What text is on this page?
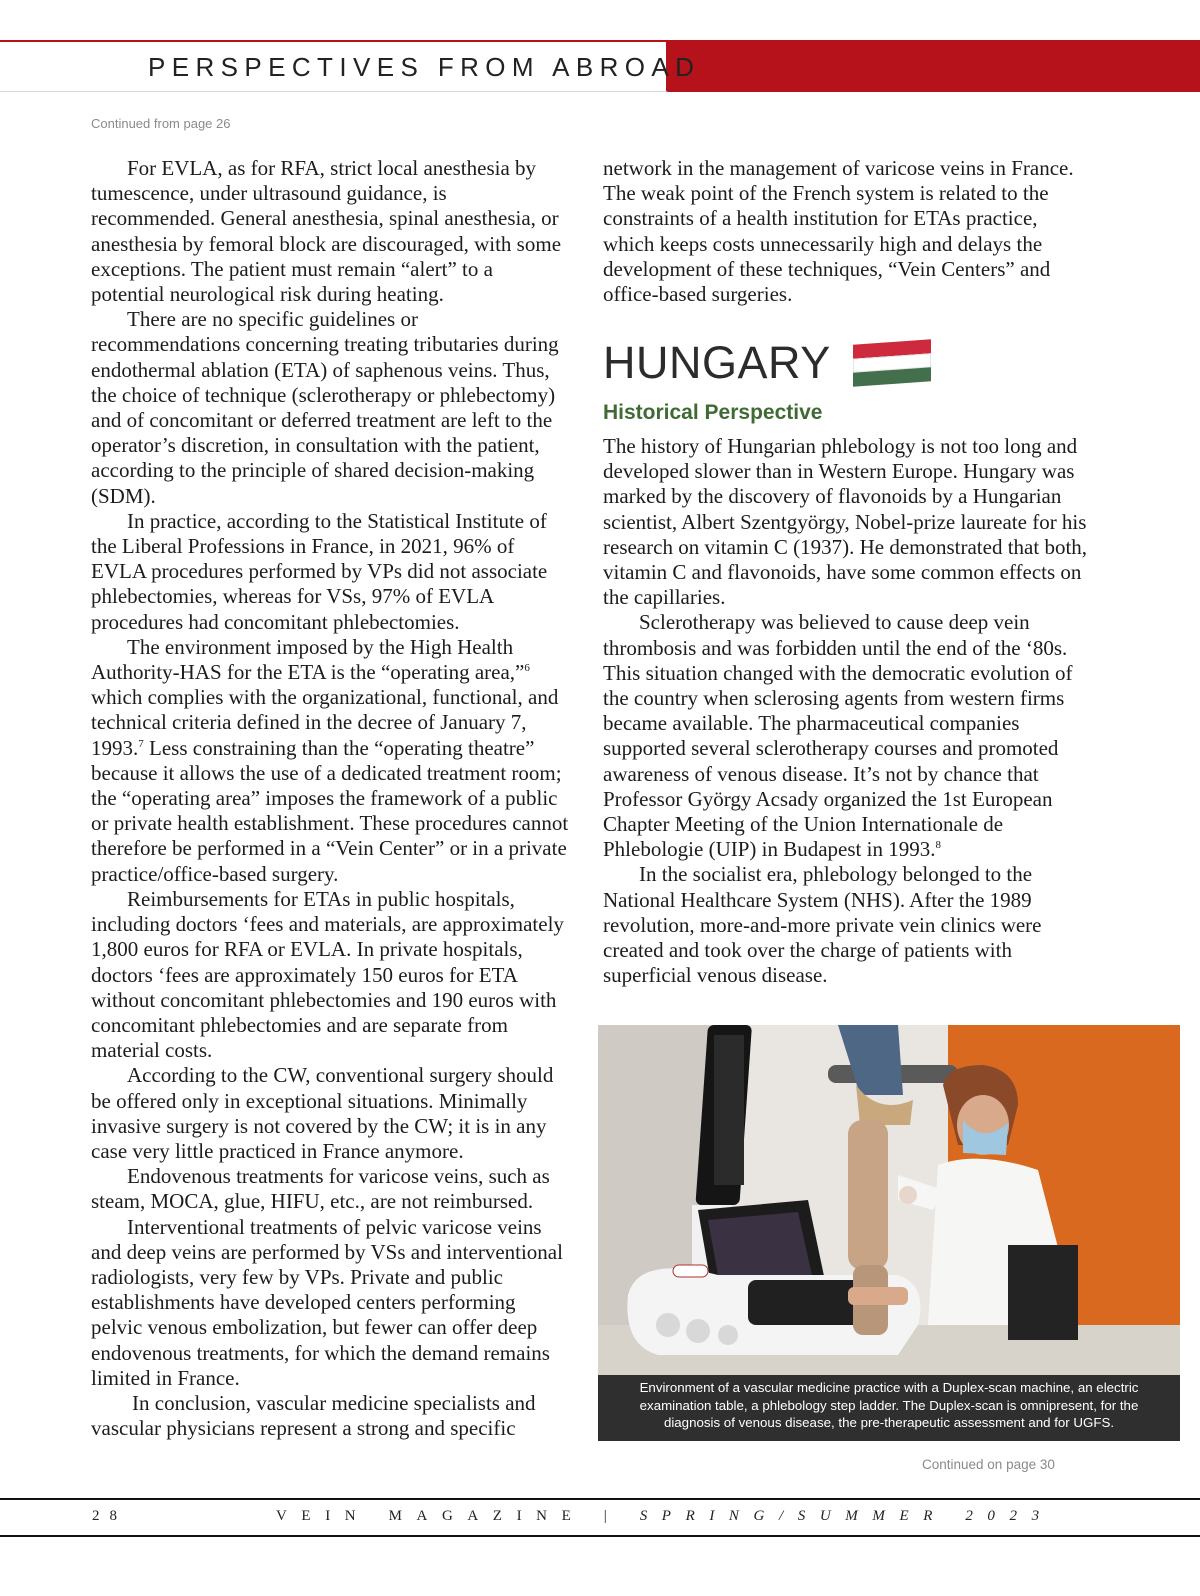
PERSPECTIVES FROM ABROAD
Continued from page 26

For EVLA, as for RFA, strict local anesthesia by tumescence, under ultrasound guidance, is recommended. General anesthesia, spinal anesthesia, or anesthesia by femoral block are discouraged, with some exceptions. The patient must remain “alert” to a potential neurological risk during heating.

There are no specific guidelines or recommendations concerning treating tributaries during endothermal ablation (ETA) of saphenous veins. Thus, the choice of technique (sclerotherapy or phlebectomy) and of concomitant or deferred treatment are left to the operator’s discretion, in consultation with the patient, according to the principle of shared decision-making (SDM).

In practice, according to the Statistical Institute of the Liberal Professions in France, in 2021, 96% of EVLA procedures performed by VPs did not associate phlebectomies, whereas for VSs, 97% of EVLA procedures had concomitant phlebectomies.

The environment imposed by the High Health Authority-HAS for the ETA is the “operating area,”$^6$ which complies with the organizational, functional, and technical criteria defined in the decree of January 7, 1993.$^7$ Less constraining than the “operating theatre” because it allows the use of a dedicated treatment room; the “operating area” imposes the framework of a public or private health establishment. These procedures cannot therefore be performed in a “Vein Center” or in a private practice/office-based surgery.

Reimbursements for ETAs in public hospitals, including doctors ‘fees and materials, are approximately 1,800 euros for RFA or EVLA. In private hospitals, doctors ‘fees are approximately 150 euros for ETA without concomitant phlebectomies and 190 euros with concomitant phlebectomies and are separate from material costs.

According to the CW, conventional surgery should be offered only in exceptional situations. Minimally invasive surgery is not covered by the CW; it is in any case very little practiced in France anymore.

Endovenous treatments for varicose veins, such as steam, MOCA, glue, HIFU, etc., are not reimbursed.

Interventional treatments of pelvic varicose veins and deep veins are performed by VSs and interventional radiologists, very few by VPs. Private and public establishments have developed centers performing pelvic venous embolization, but fewer can offer deep endovenous treatments, for which the demand remains limited in France.

In conclusion, vascular medicine specialists and vascular physicians represent a strong and specific

network in the management of varicose veins in France. The weak point of the French system is related to the constraints of a health institution for ETAs practice, which keeps costs unnecessarily high and delays the development of these techniques, “Vein Centers” and office-based surgeries.

HUNGARY
Historical Perspective

The history of Hungarian phlebology is not too long and developed slower than in Western Europe. Hungary was marked by the discovery of flavonoids by a Hungarian scientist, Albert Szentgyörgy, Nobel-prize laureate for his research on vitamin C (1937). He demonstrated that both, vitamin C and flavonoids, have some common effects on the capillaries.

Sclerotherapy was believed to cause deep vein thrombosis and was forbidden until the end of the ‘80s. This situation changed with the democratic evolution of the country when sclerosing agents from western firms became available. The pharmaceutical companies supported several sclerotherapy courses and promoted awareness of venous disease. It’s not by chance that Professor György Acsady organized the 1st European Chapter Meeting of the Union Internationale de Phlebologie (UIP) in Budapest in 1993.$^8$

In the socialist era, phlebology belonged to the National Healthcare System (NHS). After the 1989 revolution, more-and-more private vein clinics were created and took over the charge of patients with superficial venous disease.

Environment of a vascular medicine practice with a Duplex-scan machine, an electric examination table, a phlebology step ladder. The Duplex-scan is omnipresent, for the diagnosis of venous disease, the pre-therapeutic assessment and for UGFS.
Continued on page 30
28	VEIN MAGAZINE | SPRING/SUMMER 2023
